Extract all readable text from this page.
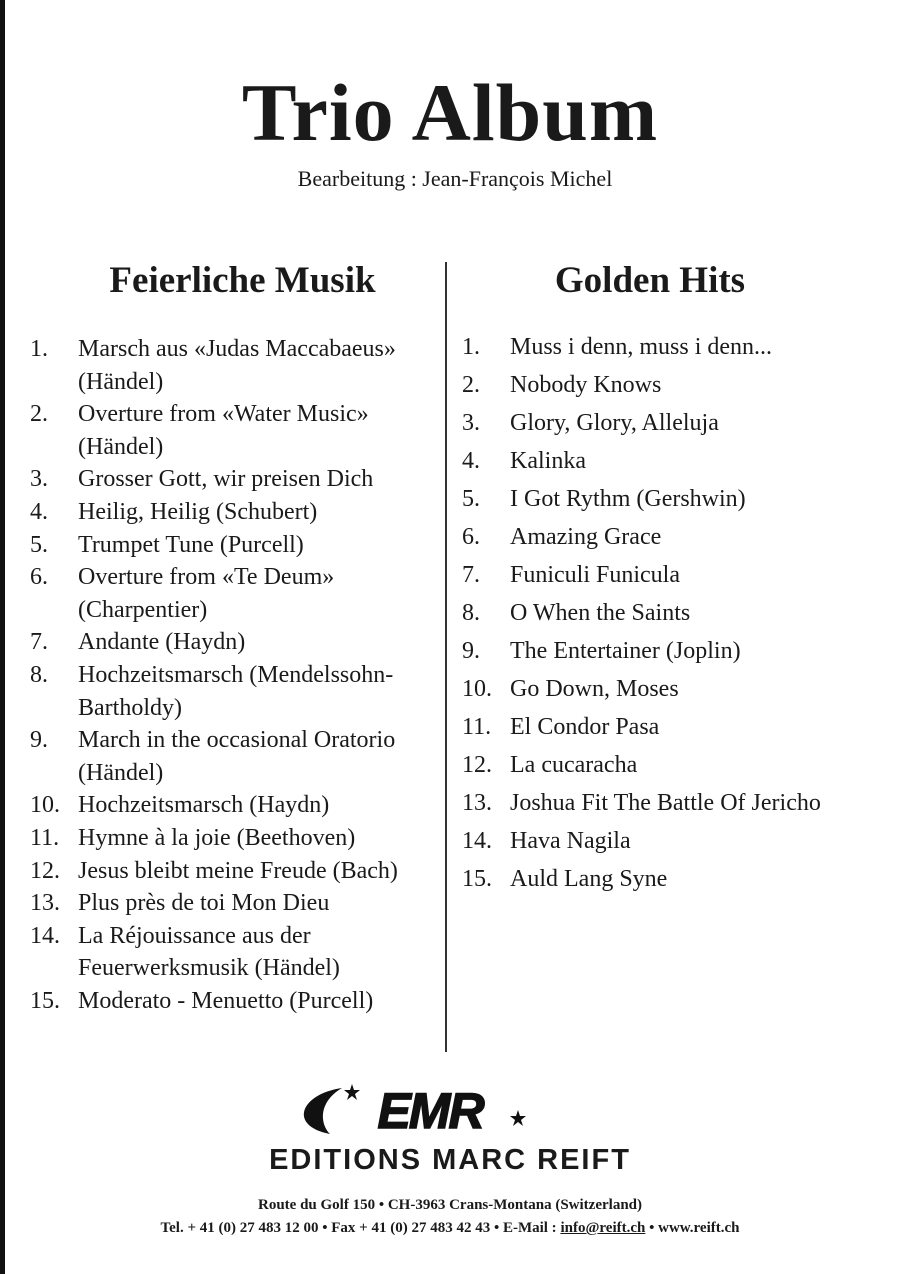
Trio Album
Bearbeitung : Jean-François Michel
Feierliche Musik	Golden Hits
1.	Marsch aus «Judas Maccabaeus» (Händel)
2.	Overture from «Water Music» (Händel)
3.	Grosser Gott, wir preisen Dich
4.	Heilig, Heilig (Schubert)
5.	Trumpet Tune (Purcell)
6.	Overture from «Te Deum» (Charpentier)
7.	Andante (Haydn)
8.	Hochzeitsmarsch (Mendelssohn-Bartholdy)
9.	March in the occasional Oratorio (Händel)
10. Hochzeitsmarsch (Haydn)
11. Hymne à la joie (Beethoven)
12. Jesus bleibt meine Freude (Bach)
13. Plus près de toi Mon Dieu
14. La Réjouissance aus der Feuerwerksmusik (Händel)
15. Moderato - Menuetto (Purcell)
1.	Muss i denn, muss i denn...
2.	Nobody Knows
3.	Glory, Glory, Alleluja
4.	Kalinka
5.	I Got Rythm (Gershwin)
6.	Amazing Grace
7.	Funiculi Funicula
8.	O When the Saints
9.	The Entertainer (Joplin)
10. Go Down, Moses
11. El Condor Pasa
12. La cucaracha
13. Joshua Fit The Battle Of Jericho
14. Hava Nagila
15. Auld Lang Syne
EMR
EDITIONS MARC REIFT
Route du Golf 150 • CH-3963 Crans-Montana (Switzerland)
Tel. + 41 (0) 27 483 12 00 • Fax + 41 (0) 27 483 42 43 • E-Mail : info@reift.ch • www.reift.ch
